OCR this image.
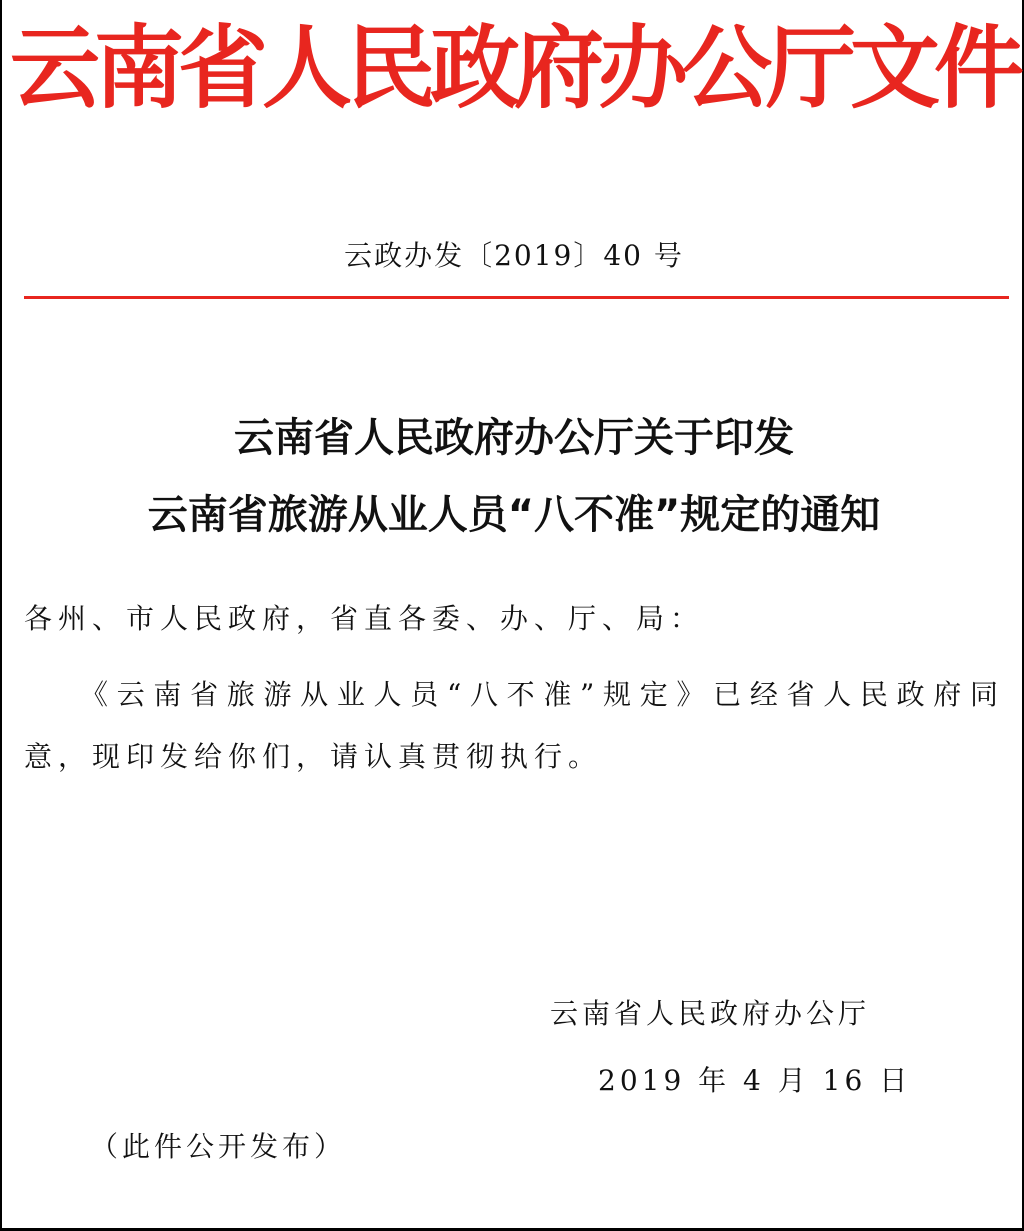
云南省人民政府办公厅文件
云政办发〔2019〕40 号
云南省人民政府办公厅关于印发
云南省旅游从业人员“八不准”规定的通知
各州、市人民政府，省直各委、办、厅、局：

《云南省旅游从业人员“八不准”规定》已经省人民政府同意，现印发给你们，请认真贯彻执行。

云南省人民政府办公厅
2019 年 4 月 16 日
（此件公开发布）
